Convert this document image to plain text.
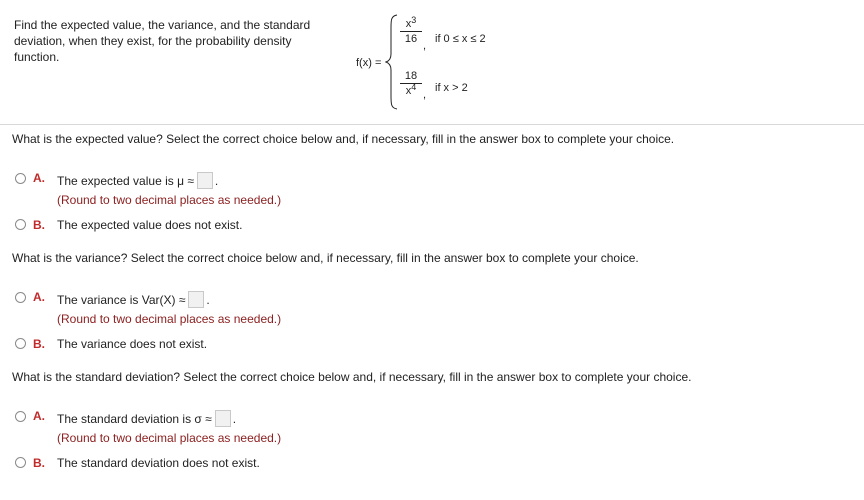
Find the expected value, the variance, and the standard deviation, when they exist, for the probability density function.	f(x) =
$x^3$
16
,
if 0 ≤ x ≤ 2
18
$x^4$
,
if x > 2
What is the expected value? Select the correct choice below and, if necessary, fill in the answer box to complete your choice.
A. The expected value is μ ≈ .
(Round to two decimal places as needed.)
B. The expected value does not exist.
What is the variance? Select the correct choice below and, if necessary, fill in the answer box to complete your choice.
A. The variance is Var(X) ≈ .
(Round to two decimal places as needed.)
B. The variance does not exist.
What is the standard deviation? Select the correct choice below and, if necessary, fill in the answer box to complete your choice.
A. The standard deviation is σ ≈ .
(Round to two decimal places as needed.)
B. The standard deviation does not exist.
